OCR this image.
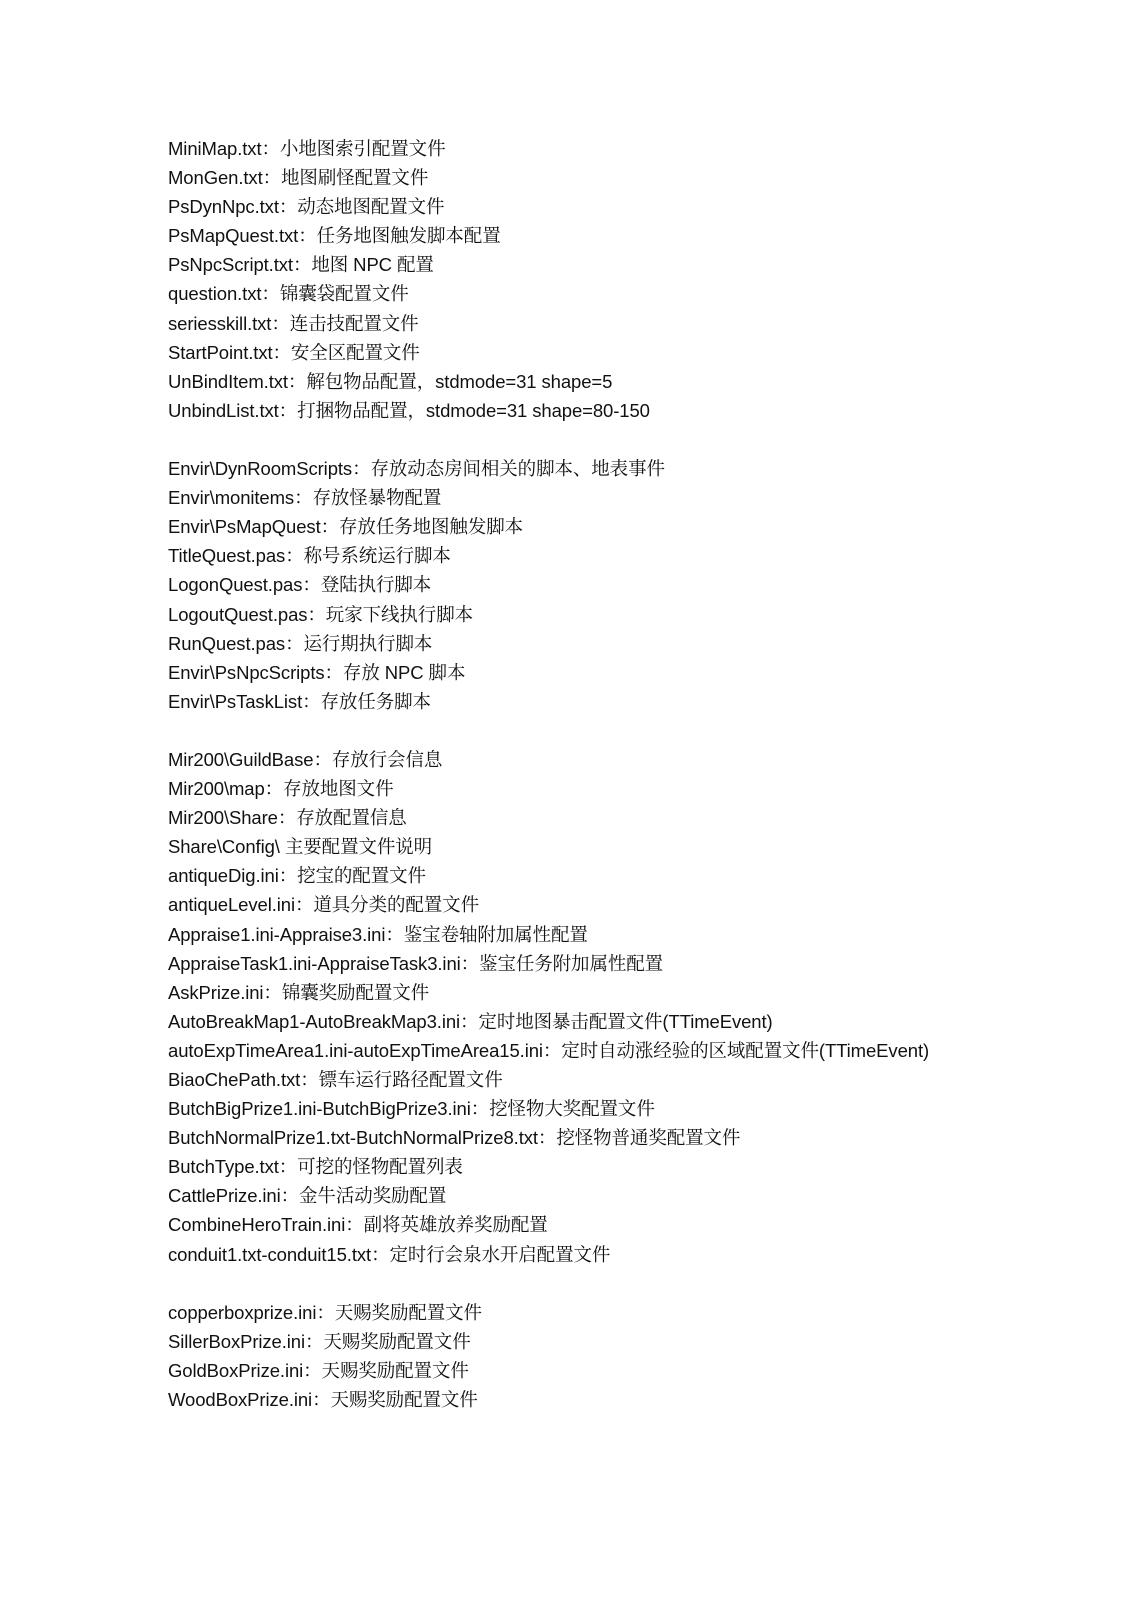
MiniMap.txt：小地图索引配置文件
MonGen.txt：地图刷怪配置文件
PsDynNpc.txt：动态地图配置文件
PsMapQuest.txt：任务地图触发脚本配置
PsNpcScript.txt：地图 NPC 配置
question.txt：锦囊袋配置文件
seriesskill.txt：连击技配置文件
StartPoint.txt：安全区配置文件
UnBindItem.txt：解包物品配置，stdmode=31 shape=5
UnbindList.txt：打捆物品配置，stdmode=31 shape=80-150
Envir\DynRoomScripts：存放动态房间相关的脚本、地表事件
Envir\monitems：存放怪暴物配置
Envir\PsMapQuest：存放任务地图触发脚本
TitleQuest.pas：称号系统运行脚本
LogonQuest.pas：登陆执行脚本
LogoutQuest.pas：玩家下线执行脚本
RunQuest.pas：运行期执行脚本
Envir\PsNpcScripts：存放 NPC 脚本
Envir\PsTaskList：存放任务脚本
Mir200\GuildBase：存放行会信息
Mir200\map：存放地图文件
Mir200\Share：存放配置信息
Share\Config\ 主要配置文件说明
antiqueDig.ini：挖宝的配置文件
antiqueLevel.ini：道具分类的配置文件
Appraise1.ini-Appraise3.ini：鉴宝卷轴附加属性配置
AppraiseTask1.ini-AppraiseTask3.ini：鉴宝任务附加属性配置
AskPrize.ini：锦囊奖励配置文件
AutoBreakMap1-AutoBreakMap3.ini：定时地图暴击配置文件(TTimeEvent)
autoExpTimeArea1.ini-autoExpTimeArea15.ini：定时自动涨经验的区域配置文件(TTimeEvent)
BiaoChePath.txt：镖车运行路径配置文件
ButchBigPrize1.ini-ButchBigPrize3.ini：挖怪物大奖配置文件
ButchNormalPrize1.txt-ButchNormalPrize8.txt：挖怪物普通奖配置文件
ButchType.txt：可挖的怪物配置列表
CattlePrize.ini：金牛活动奖励配置
CombineHeroTrain.ini：副将英雄放养奖励配置
conduit1.txt-conduit15.txt：定时行会泉水开启配置文件
copperboxprize.ini：天赐奖励配置文件
SillerBoxPrize.ini：天赐奖励配置文件
GoldBoxPrize.ini：天赐奖励配置文件
WoodBoxPrize.ini：天赐奖励配置文件
